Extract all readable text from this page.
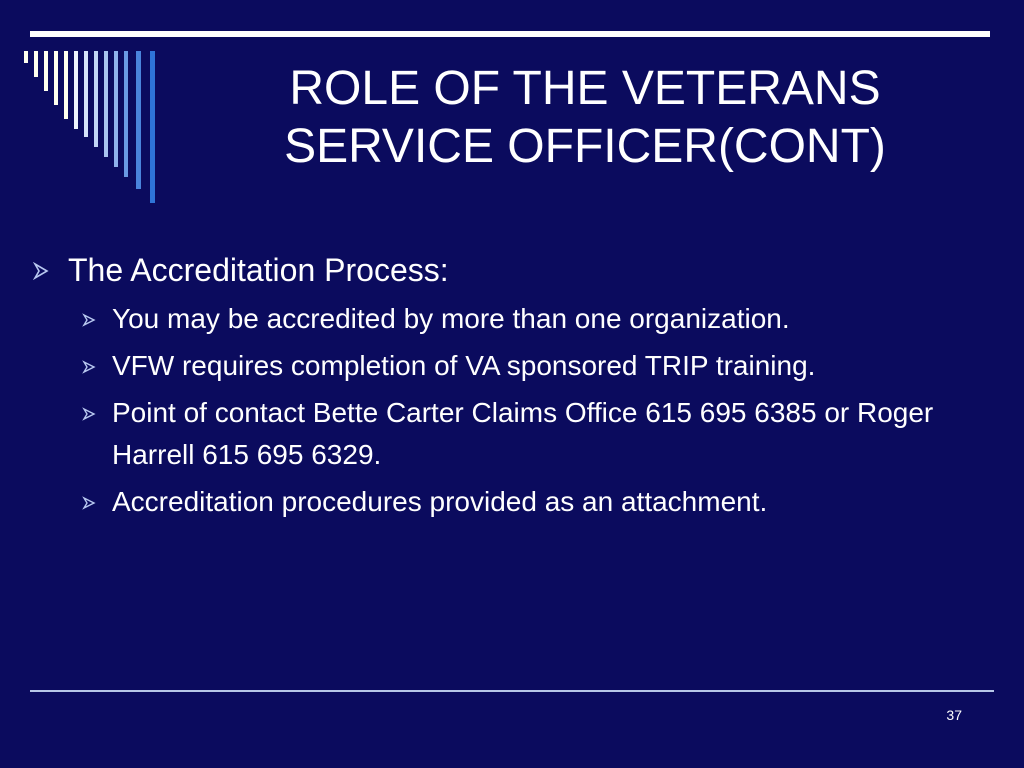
ROLE OF THE VETERANS
SERVICE OFFICER(CONT)
The Accreditation Process:
You may be accredited by more than one organization.
VFW requires completion of VA sponsored TRIP training.
Point of contact Bette Carter Claims Office 615 695 6385 or Roger Harrell 615 695 6329.
Accreditation procedures provided as an attachment.
37
